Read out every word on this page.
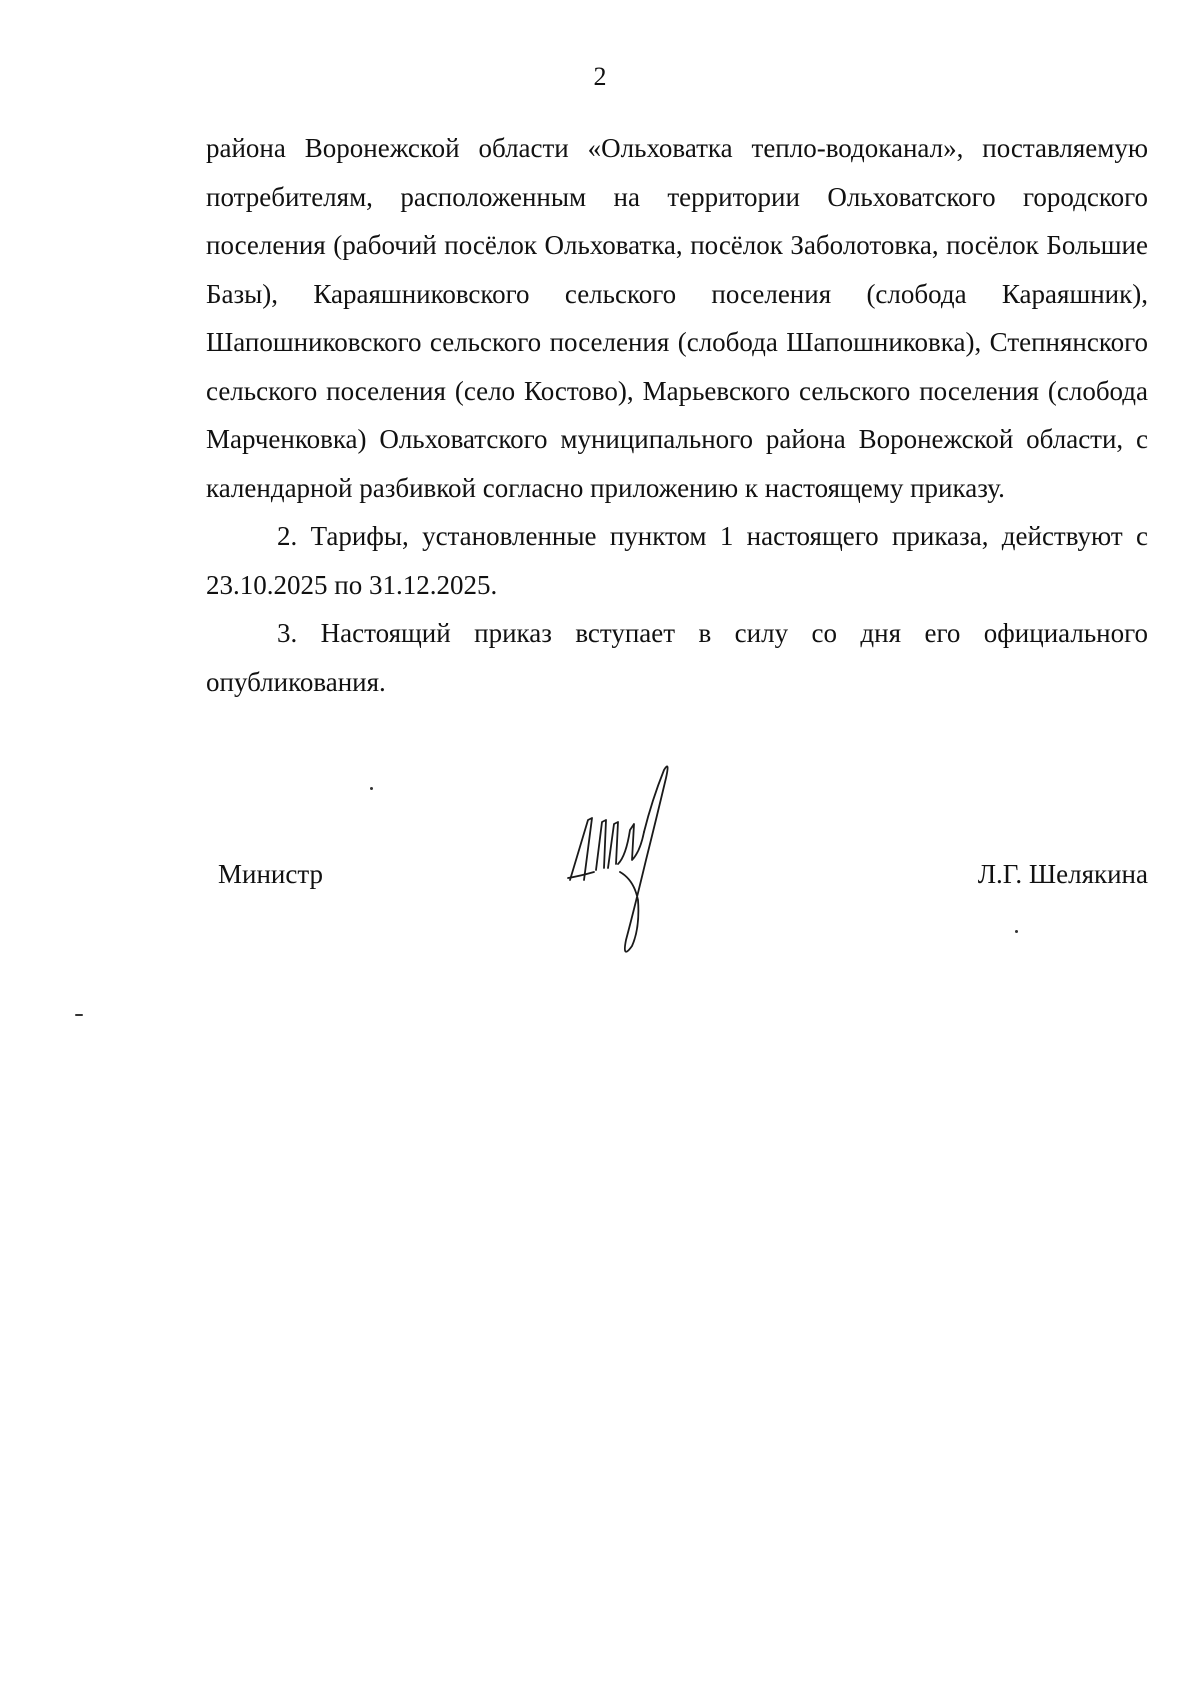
2

района Воронежской области «Ольховатка тепло-водоканал», поставляемую потребителям, расположенным на территории Ольховатского городского поселения (рабочий посёлок Ольховатка, посёлок Заболотовка, посёлок Большие Базы), Караяшниковского сельского поселения (слобода Караяшник), Шапошниковского сельского поселения (слобода Шапошниковка), Степнянского сельского поселения (село Костово), Марьевского сельского поселения (слобода Марченковка) Ольховатского муниципального района Воронежской области, с календарной разбивкой согласно приложению к настоящему приказу.

2. Тарифы, установленные пунктом 1 настоящего приказа, действуют с 23.10.2025 по 31.12.2025.

3. Настоящий приказ вступает в силу со дня его официального опубликования.

Министр	Л.Г. Шелякина
